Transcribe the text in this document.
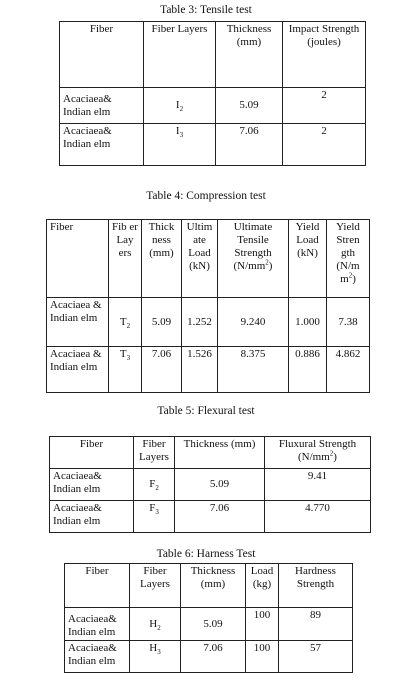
Table 3: Tensile test
Fiber	Fiber Layers	Thickness (mm)	Impact Strength (joules)
Acaciaea& Indian elm	$I_2$	5.09	2
Acaciaea& Indian elm	$I_3$	7.06	2
Table 4: Compression test
Fiber	Fib er Lay ers	Thick ness (mm)	Ultim ate Load (kN)	Ultimate Tensile Strength $(N/mm^2)$	Yield Load (kN)	Yield Stren gth (N/m $m^2$)
Acaciaea & Indian elm	$T_2$	5.09	1.252	9.240	1.000	7.38
Acaciaea & Indian elm	$T_3$	7.06	1.526	8.375	0.886	4.862
Table 5: Flexural test
Fiber	Fiber Layers	Thickness (mm)	Fluxural Strength $(N/mm^2)$
Acaciaea& Indian elm	$F_2$	5.09	9.41
Acaciaea& Indian elm	$F_3$	7.06	4.770
Table 6: Harness Test
Fiber	Fiber Layers	Thickness (mm)	Load (kg)	Hardness Strength
Acaciaea& Indian elm	$H_2$	5.09	100	89
Acaciaea& Indian elm	$H_3$	7.06	100	57
